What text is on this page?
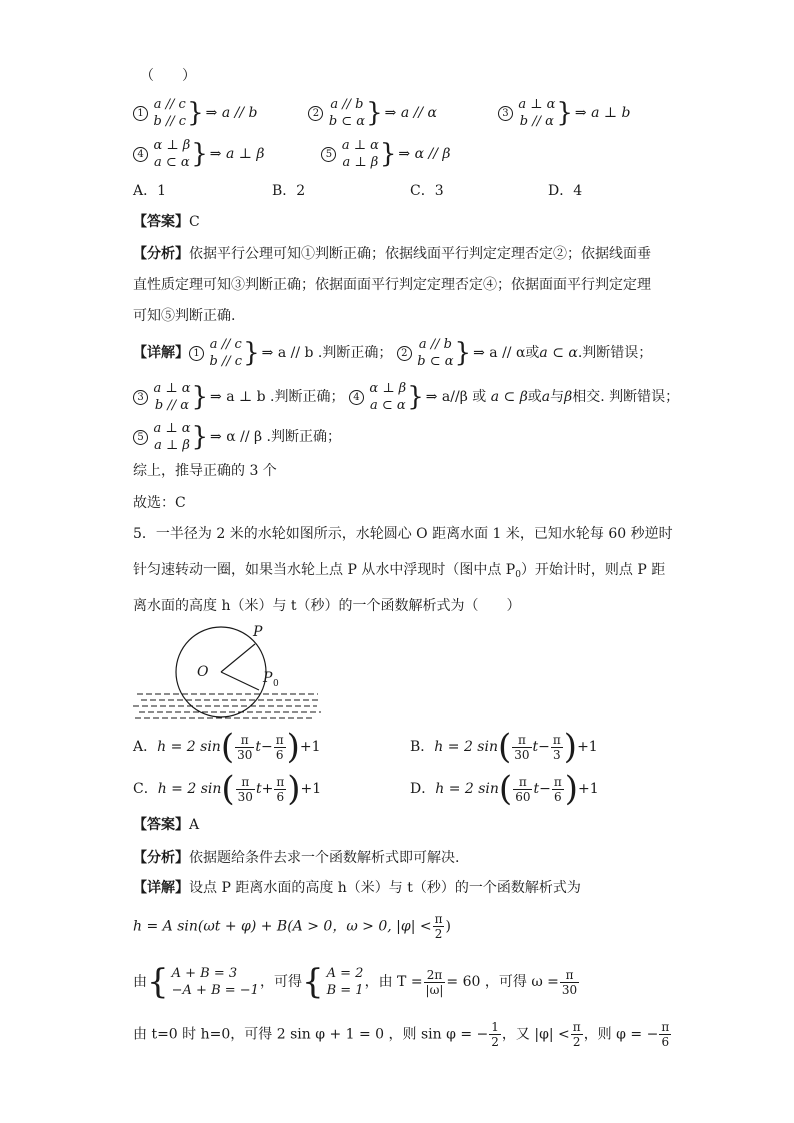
（　　）
1
a // c
b // c } ⇒ a // b	2
a // b
b ⊂ α } ⇒ a // α	3
a ⊥ α
b // α } ⇒ a ⊥ b
4
α ⊥ β
a ⊂ α } ⇒ a ⊥ β	5
a ⊥ α
a ⊥ β } ⇒ α // β
A．1	B．2	C．3	D．4
【答案】C
【分析】依据平行公理可知①判断正确；依据线面平行判定定理否定②；依据线面垂
直性质定理可知③判断正确；依据面面平行判定定理否定④；依据面面平行判定定理
可知⑤判断正确.
【详解】 1
a // c
b // c } ⇒ a // b .判断正确； 2
a // b
b ⊂ α } ⇒ a // α或a ⊂ α.判断错误；
3
a ⊥ α
b // α } ⇒ a ⊥ b .判断正确； 4
α ⊥ β
a ⊂ α } ⇒ a//β 或 a ⊂ β或a与β相交. 判断错误；
5
a ⊥ α
a ⊥ β } ⇒ α // β .判断正确；
综上，推导正确的 3 个
故选：C
5．一半径为 2 米的水轮如图所示，水轮圆心 O 距离水面 1 米，已知水轮每 60 秒逆时
针匀速转动一圈，如果当水轮上点 P 从水中浮现时（图中点 $P_0$）开始计时，则点 P 距
离水面的高度 h（米）与 t（秒）的一个函数解析式为（　　）
O
P
P 0
A．h = 2 $\sin( \frac{\pi}{30} t- \frac{\pi}{6} )+1$	B．h = 2 $\sin( \frac{\pi}{30} t- \frac{\pi}{3} )+1$
C．h = 2 $\sin( \frac{\pi}{30} t+ \frac{\pi}{6} )+1$	D．h = 2 $\sin( \frac{\pi}{60} t- \frac{\pi}{6} )+1$
【答案】A
【分析】依据题给条件去求一个函数解析式即可解决.
【详解】设点 P 距离水面的高度 h（米）与 t（秒）的一个函数解析式为
h = A sin(ωt + φ) + B(A > 0，ω > 0, $|\varphi| < \frac{\pi}{2}$ )
由{ A + B = 3
−A + B = −1
，可得{ A = 2
B = 1
，由 $T = \frac{2\pi}{|\omega|} = 60$ ，可得 $\omega = \frac{\pi}{30}$
由 t=0 时 h=0，可得 2 sin φ + 1 = 0 ，则 sin φ = − $\frac{1}{2}$ ，又 $|\varphi| < \frac{\pi}{2}$ ，则 φ = − $\frac{\pi}{6}$
